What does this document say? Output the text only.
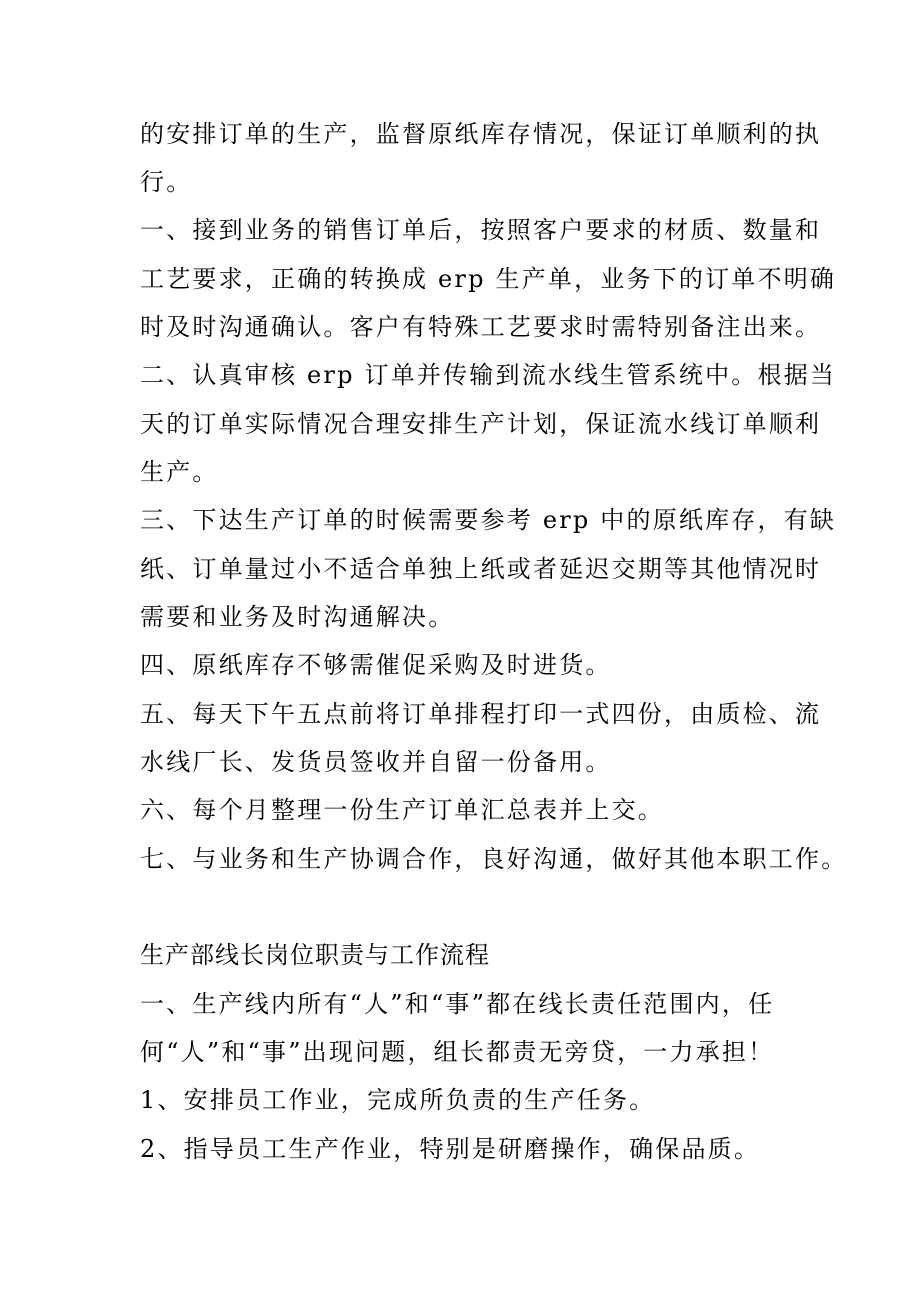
的安排订单的生产，监督原纸库存情况，保证订单顺利的执
行。
一、接到业务的销售订单后，按照客户要求的材质、数量和
工艺要求，正确的转换成 erp 生产单，业务下的订单不明确
时及时沟通确认。客户有特殊工艺要求时需特别备注出来。
二、认真审核 erp 订单并传输到流水线生管系统中。根据当
天的订单实际情况合理安排生产计划，保证流水线订单顺利
生产。
三、下达生产订单的时候需要参考 erp 中的原纸库存，有缺
纸、订单量过小不适合单独上纸或者延迟交期等其他情况时
需要和业务及时沟通解决。
四、原纸库存不够需催促采购及时进货。
五、每天下午五点前将订单排程打印一式四份，由质检、流
水线厂长、发货员签收并自留一份备用。
六、每个月整理一份生产订单汇总表并上交。
七、与业务和生产协调合作，良好沟通，做好其他本职工作。
生产部线长岗位职责与工作流程
一、生产线内所有“人”和“事”都在线长责任范围内，任
何“人”和“事”出现问题，组长都责无旁贷，一力承担！
1、安排员工作业，完成所负责的生产任务。
2、指导员工生产作业，特别是研磨操作，确保品质。
